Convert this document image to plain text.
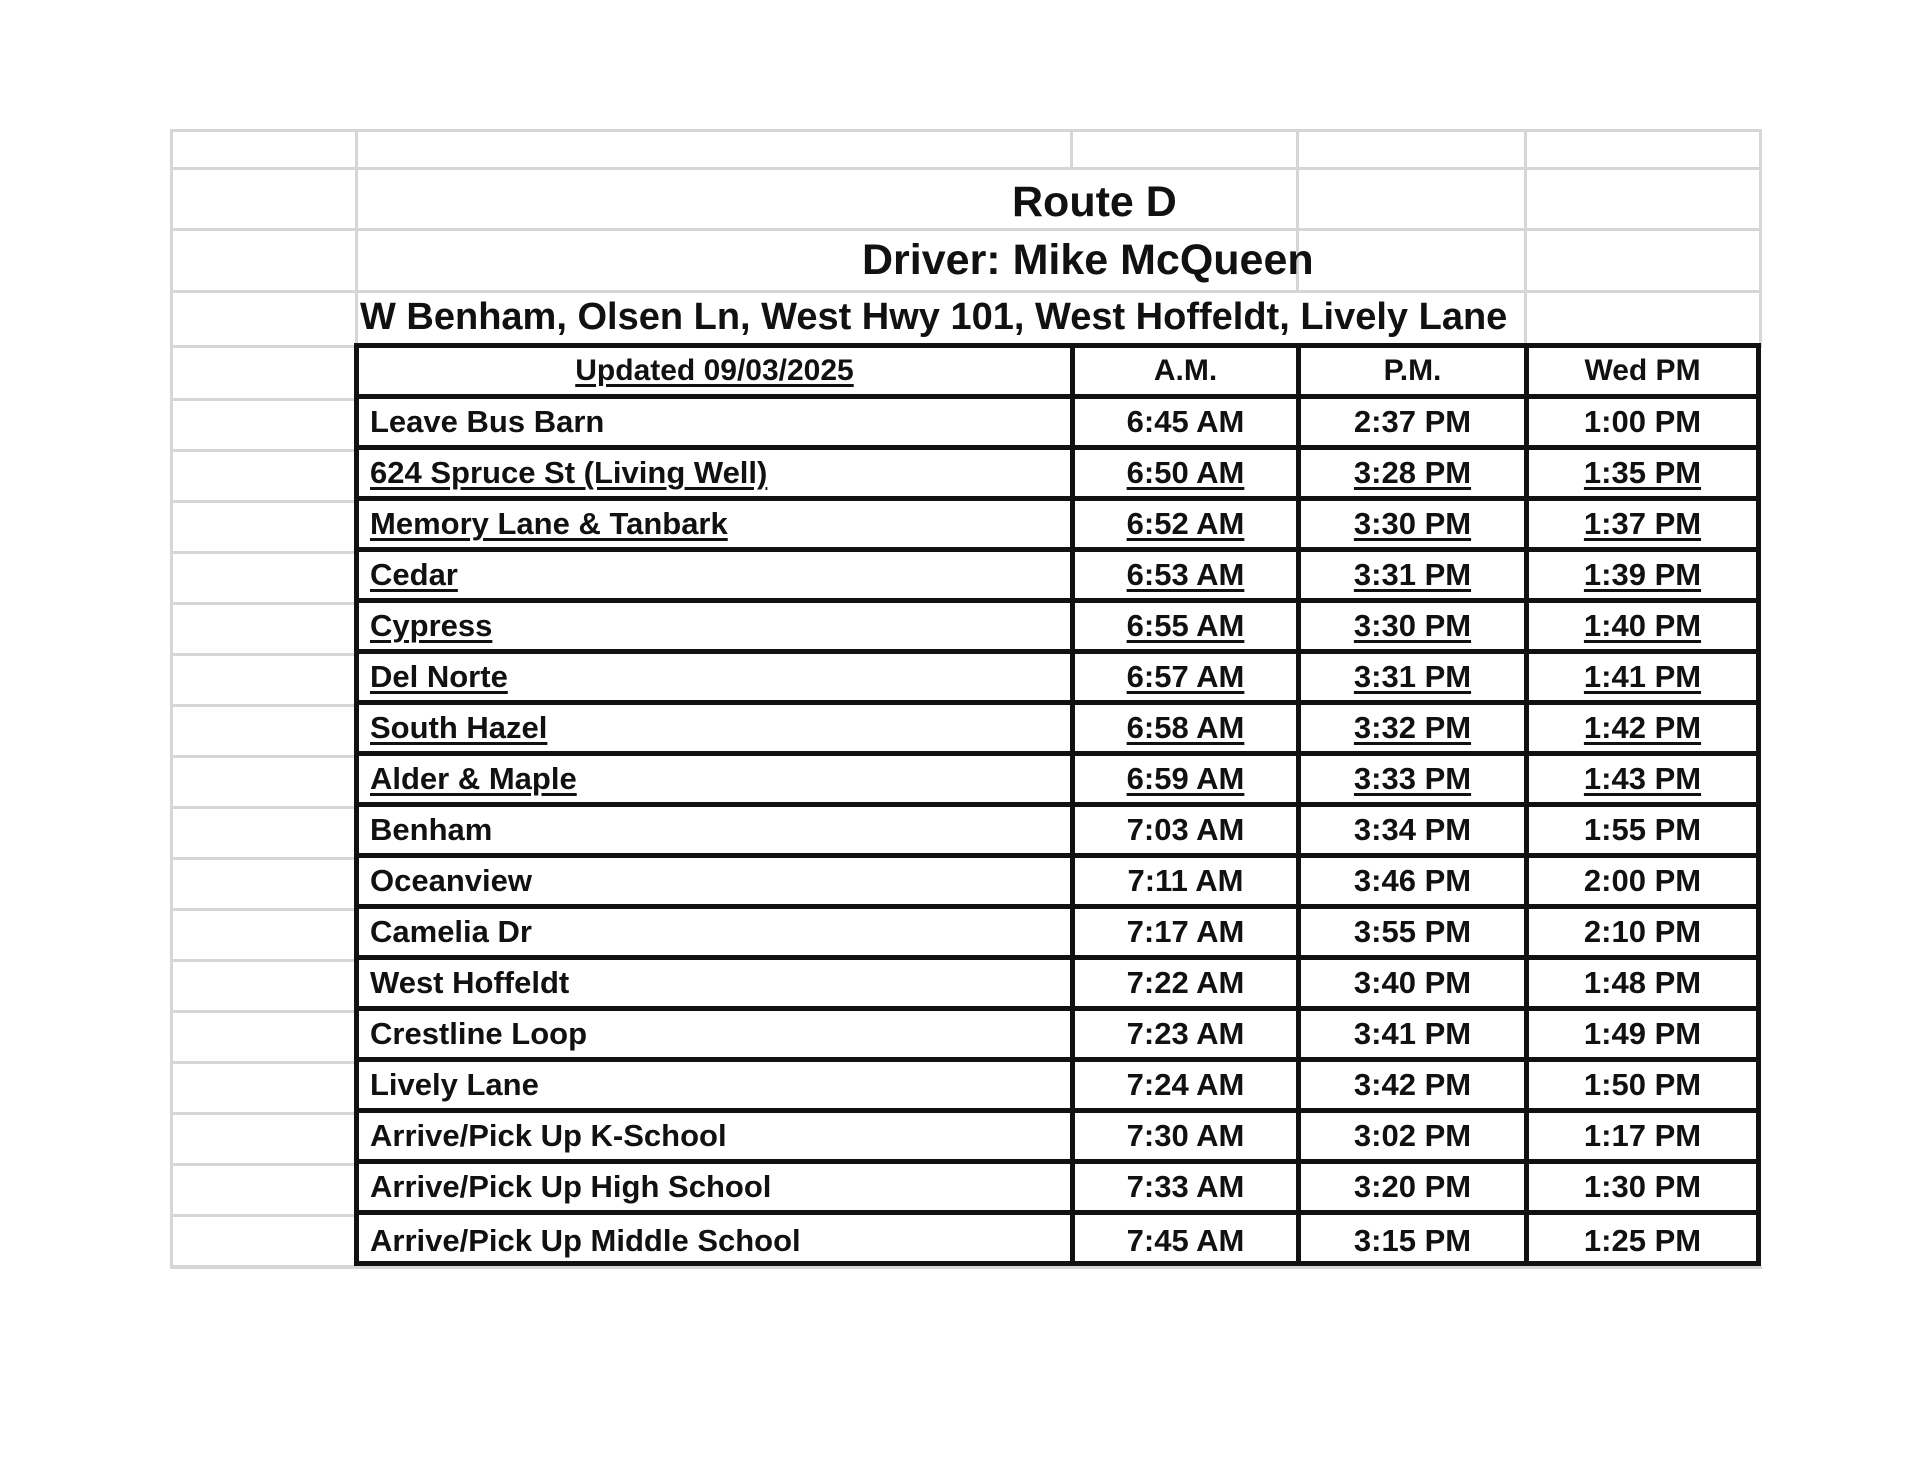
Route D
Driver: Mike McQueen
W Benham, Olsen Ln, West Hwy 101, West Hoffeldt, Lively Lane
Updated 09/03/2025	A.M.	P.M.	Wed PM
Leave Bus Barn	6:45 AM	2:37 PM	1:00 PM
624 Spruce St (Living Well)	6:50 AM	3:28 PM	1:35 PM
Memory Lane & Tanbark	6:52 AM	3:30 PM	1:37 PM
Cedar	6:53 AM	3:31 PM	1:39 PM
Cypress	6:55 AM	3:30 PM	1:40 PM
Del Norte	6:57 AM	3:31 PM	1:41 PM
South Hazel	6:58 AM	3:32 PM	1:42 PM
Alder & Maple	6:59 AM	3:33 PM	1:43 PM
Benham	7:03 AM	3:34 PM	1:55 PM
Oceanview	7:11 AM	3:46 PM	2:00 PM
Camelia Dr	7:17 AM	3:55 PM	2:10 PM
West Hoffeldt	7:22 AM	3:40 PM	1:48 PM
Crestline Loop	7:23 AM	3:41 PM	1:49 PM
Lively Lane	7:24 AM	3:42 PM	1:50 PM
Arrive/Pick Up K-School	7:30 AM	3:02 PM	1:17 PM
Arrive/Pick Up High School	7:33 AM	3:20 PM	1:30 PM
Arrive/Pick Up Middle School	7:45 AM	3:15 PM	1:25 PM
